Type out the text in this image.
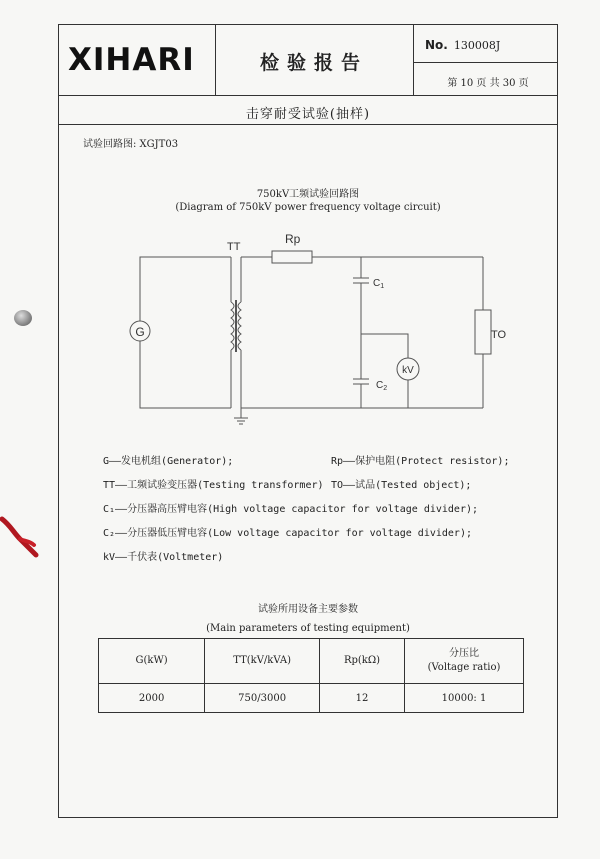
XIHARI	检验报告
No. 130008J
第 10 页 共 30 页
击穿耐受试验(抽样)
试验回路图: XGJT03
750kV工频试验回路图
(Diagram of 750kV power frequency voltage circuit)
G
TT
Rp
$C_1$
$C_2$
kV
TO
G——发电机组(Generator);	Rp——保护电阻(Protect resistor);
TT——工频试验变压器(Testing transformer) TO——试品(Tested object);
C₁——分压器高压臂电容(High voltage capacitor for voltage divider);
C₂——分压器低压臂电容(Low voltage capacitor for voltage divider);
kV——千伏表(Voltmeter)
试验所用设备主要参数
(Main parameters of testing equipment)
G(kW)	TT(kV/kVA)	Rp(kΩ)	分压比
(Voltage ratio)

2000	750/3000	12	10000: 1
